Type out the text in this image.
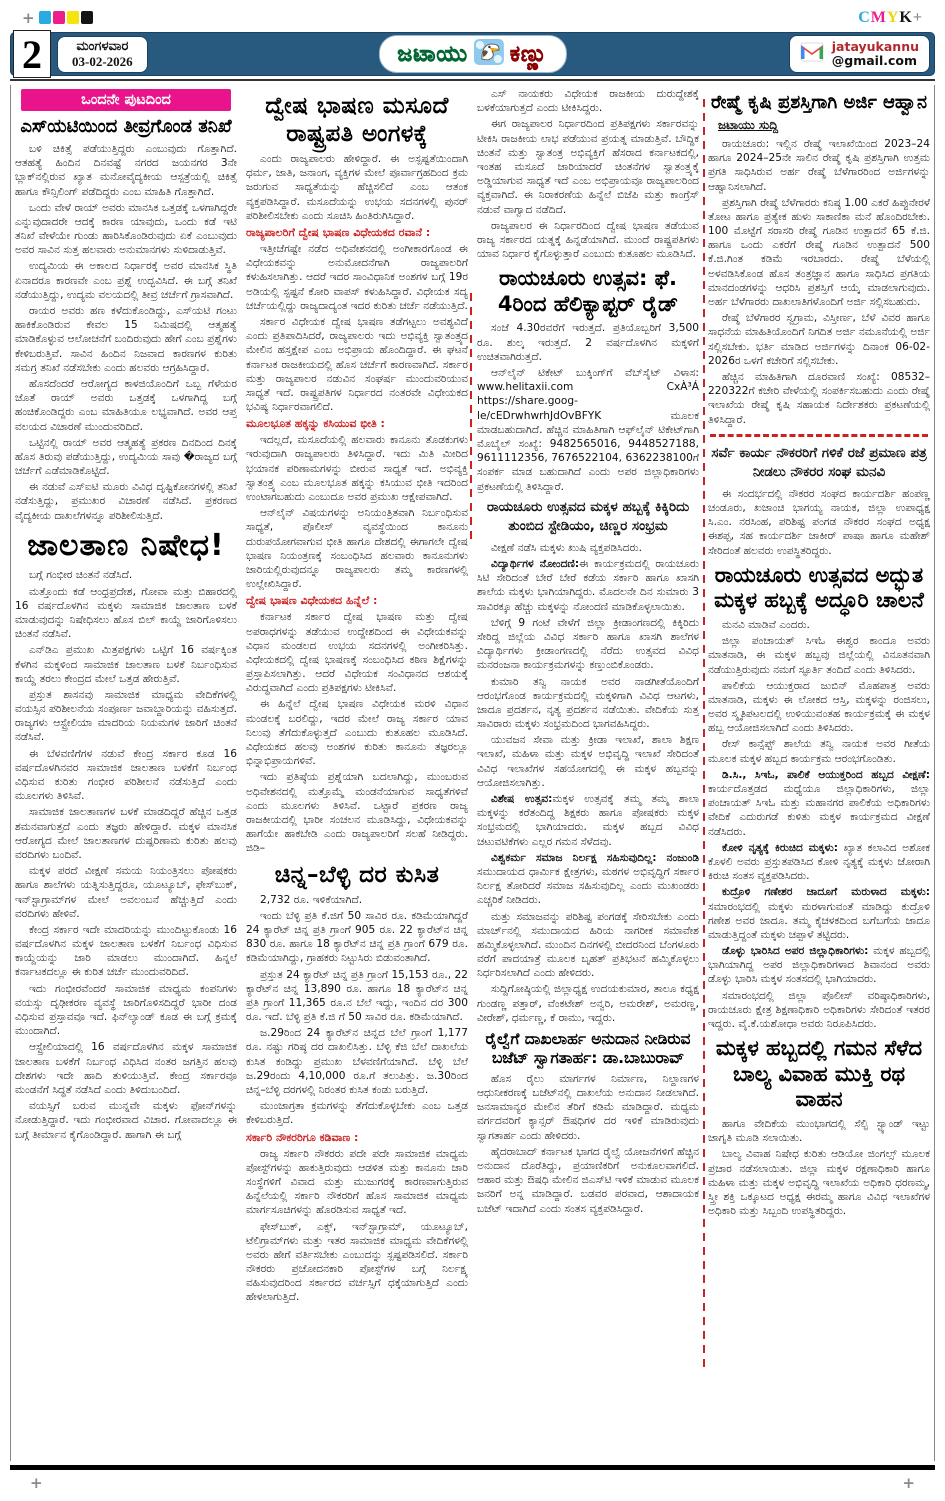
+	CMYK+
2	ಮಂಗಳವಾರ
03-02-2026	ಜಟಾಯು ಕಣ್ಣು	jatayukannu
@gmail.com
ಒಂದನೇ ಪುಟದಿಂದ
ಎಸ್‌ಯಟಿಯಿಂದ ತೀವ್ರಗೊಂಡ ತನಿಖೆ

ಬಳಿ ಚಿಕಿತ್ಸೆ ಪಡೆಯುತ್ತಿದ್ದರು ಎಂಬುವುದು ಗೊತ್ತಾಗಿದೆ. ಆತಹತ್ಯೆ ಹಿಂದಿನ ದಿನವಷ್ಟೆ ನಗರದ ಜಯನಗರ 3ನೇ ಬ್ಲಾಕ್‌ನಲ್ಲಿರುವ ಖ್ಯಾತ ಮನೋವೈದ್ಯಕೀಯ ಆಸ್ಪತ್ರೆಯಲ್ಲಿ ಚಿಕಿತ್ಸೆ ಹಾಗೂ ಕೌನ್ಸಿಲಿಂಗ್ ಪಡೆದಿದ್ದರು ಎಂಬ ಮಾಹಿತಿ ಗೊತ್ತಾಗಿದೆ.

ಒಂದು ವೇಳೆ ರಾಯ್ ಅವರು ಮಾನಸಿಕ ಒತ್ತಡಕ್ಕೆ ಒಳಗಾಗಿದ್ದರೇ ಎನ್ನುವುದಾದರೇ ಆದಕ್ಕೆ ಕಾರಣ ಯಾವುದು, ಒಂದು ಕಡೆ ಇಟಿ ತನಿಖೆ ವೇಳೆಯೇ ಗುಂಡು ಹಾರಿಸಿಕೊಂಡಿರುವುದು ಏಕೆ ಎಂಬುವುದು ಅವರ ಸಾವಿನ ಸುತ್ತ ಹಲವಾರು ಅನುಮಾನಗಳು ಸುಳಿದಾಡುತ್ತಿವೆ.

ಉದ್ಯಮಿಯ ಈ ಅಕಾಲದ ನಿರ್ಧಾರಕ್ಕೆ ಅವರ ಮಾನಸಿಕ ಸ್ಥಿತಿ ಏನಾದರೂ ಕಾರಣವೇ ಎಂಬ ಪ್ರಶ್ನೆ ಉದ್ಭವಿಸಿದೆ. ಈ ಬಗ್ಗೆ ತನಿಖೆ ನಡೆಯುತ್ತಿದ್ದು, ಉದ್ಯಮ ವಲಯದಲ್ಲಿ ತೀವ್ರ ಚರ್ಚೆಗೆ ಗ್ರಾಸವಾಗಿದೆ.

ರಾಯರ ಅವರು ಹಣ ಕಳೆದುಕೊಂಡಿದ್ದು, ಎಸ್‌ಯಟಿ ಗಂಟು ಹಾಕಿಕೊಂಡಿರುವ ಕೇವಲ 15 ನಿಮಿಷದಲ್ಲಿ ಆತ್ಮಹತ್ಯೆ ಮಾಡಿಕೊಳ್ಳುವ ಆಲೋಚನೆಗೆ ಬಂದಿರುವುದು ಹೇಗೆ ಎಂಬ ಪ್ರಶ್ನೆಗಳು ಕೇಳಿಬರುತ್ತಿವೆ. ಸಾವಿನ ಹಿಂದಿನ ನಿಜವಾದ ಕಾರಣಗಳ ಕುರಿತು ಸಮಗ್ರ ತನಿಖೆ ನಡೆಸಬೇಕು ಎಂದು ಹಲವರು ಆಗ್ರಹಿಸಿದ್ದಾರೆ.

ಹೊಸದೆಂದರೆ ಆರೋಗ್ಯದ ಕಾಳಜಿಯೊಂದಿಗೆ ಒಬ್ಬ ಗೆಳೆಯರ ಜೊತೆ ರಾಯ್ ಅವರು ಒತ್ತಡಕ್ಕೆ ಒಳಗಾಗಿದ್ದ ಬಗ್ಗೆ ಹಂಚಿಕೊಂಡಿದ್ದರು ಎಂಬ ಮಾಹಿತಿಯೂ ಲಭ್ಯವಾಗಿದೆ. ಅವರ ಆಪ್ತ ವಲಯದ ವಿಚಾರಣೆ ಮುಂದುವರಿದಿದೆ.

ಒಟ್ಟಿನಲ್ಲಿ ರಾಯ್ ಅವರ ಆತ್ಮಹತ್ಯೆ ಪ್ರಕರಣ ದಿನದಿಂದ ದಿನಕ್ಕೆ ಹೊಸ ತಿರುವು ಪಡೆಯುತ್ತಿದ್ದು, ಉದ್ಯಮಿಯ ಸಾವು �ರಾಜ್ಯದ ಬಗ್ಗೆ ಚರ್ಚೆಗೆ ಎಡೆಮಾಡಿಕೊಟ್ಟಿದೆ.

ಈ ನಡುವೆ ಎಸ್‌ಐಟಿ ಮೂರು ವಿವಿಧ ದೃಷ್ಟಿಕೋನಗಳಲ್ಲಿ ತನಿಖೆ ನಡೆಸುತ್ತಿದ್ದು, ಪ್ರಮುಖರ ವಿಚಾರಣೆ ನಡೆಸಿದೆ. ಪ್ರಕರಣದ ವೈದ್ಯಕೀಯ ದಾಖಲೆಗಳನ್ನೂ ಪರಿಶೀಲಿಸುತ್ತಿದೆ.

ಜಾಲತಾಣ ನಿಷೇಧ!

ಬಗ್ಗೆ ಗಂಭೀರ ಚಿಂತನೆ ನಡೆಸಿದೆ.

ಮತ್ತೊಂದು ಕಡೆ ಆಂಧ್ರಪ್ರದೇಶ, ಗೋವಾ ಮತ್ತು ಬಿಹಾರದಲ್ಲಿ 16 ವರ್ಷದೊಳಗಿನ ಮಕ್ಕಳು ಸಾಮಾಜಿಕ ಜಾಲತಾಣ ಬಳಕೆ ಮಾಡುವುದನ್ನು ನಿಷೇಧಿಸಲು ಹೊಸ ಬಿಲ್ ಕಾಯ್ದೆ ಜಾರಿಗೊಳಿಸಲು ಚಿಂತನೆ ನಡೆಸಿವೆ.

ಎನ್‌ಡಿಎ ಪ್ರಮುಖ ಮಿತ್ರಪಕ್ಷಗಳು ಒಟ್ಟಿಗೆ 16 ವರ್ಷಕ್ಕಿಂತ ಕೆಳಗಿನ ಮಕ್ಕಳಿಂದ ಸಾಮಾಜಿಕ ಜಾಲತಾಣ ಬಳಕೆ ನಿರ್ಬಂಧಿಸುವ ಕಾಯ್ದೆ ತರಲು ಕೇಂದ್ರದ ಮೇಲೆ ಒತ್ತಡ ಹೇರುತ್ತಿವೆ.

ಪ್ರಸ್ತುತ ಶಾಸನವು ಸಾಮಾಜಿಕ ಮಾಧ್ಯಮ ವೇದಿಕೆಗಳಲ್ಲಿ ವಯಸ್ಸಿನ ಪರಿಶೀಲನೆಯ ಸಂಪೂರ್ಣ ಜವಾಬ್ದಾರಿಯನ್ನು ವಹಿಸುತ್ತದೆ. ರಾಜ್ಯಗಳು ಆಸ್ಟ್ರೇಲಿಯಾ ಮಾದರಿಯ ನಿಯಮಗಳ ಜಾರಿಗೆ ಚಿಂತನೆ ನಡೆಸಿವೆ.

ಈ ಬೆಳವಣಿಗೆಗಳ ನಡುವೆ ಕೇಂದ್ರ ಸರ್ಕಾರ ಕೂಡ 16 ವರ್ಷದೊಳಗಿನವರ ಸಾಮಾಜಿಕ ಜಾಲತಾಣ ಬಳಕೆಗೆ ನಿರ್ಬಂಧ ವಿಧಿಸುವ ಕುರಿತು ಗಂಭೀರ ಪರಿಶೀಲನೆ ನಡೆಸುತ್ತಿದೆ ಎಂದು ಮೂಲಗಳು ತಿಳಿಸಿವೆ.

ಸಾಮಾಜಿಕ ಜಾಲತಾಣಗಳ ಬಳಕೆ ಮಾಡದಿದ್ದರೆ ಹೆಚ್ಚಿನ ಒತ್ತಡ ಶಮನವಾಗುತ್ತದೆ ಎಂದು ತಜ್ಞರು ಹೇಳಿದ್ದಾರೆ. ಮಕ್ಕಳ ಮಾನಸಿಕ ಆರೋಗ್ಯದ ಮೇಲೆ ಜಾಲತಾಣಗಳ ದುಷ್ಪರಿಣಾಮ ಕುರಿತು ಹಲವು ವರದಿಗಳು ಬಂದಿವೆ.

ಮಕ್ಕಳ ಪರದೆ ವೀಕ್ಷಣೆ ಸಮಯ ನಿಯಂತ್ರಿಸಲು ಪೋಷಕರು ಹಾಗೂ ಶಾಲೆಗಳು ಯತ್ನಿಸುತ್ತಿದ್ದರೂ, ಯೂಟ್ಯೂಬ್, ಫೇಸ್‌ಬುಕ್, ಇನ್‌ಸ್ಟಾಗ್ರಾಮ್‌ಗಳ ಮೇಲೆ ಅವಲಂಬನೆ ಹೆಚ್ಚುತ್ತಿದೆ ಎಂದು ವರದಿಗಳು ಹೇಳಿವೆ.

ಕೇಂದ್ರ ಸರ್ಕಾರ ಇದೇ ಮಾದರಿಯನ್ನು ಮುಂದಿಟ್ಟುಕೊಂಡು 16 ವರ್ಷದೊಳಗಿನ ಮಕ್ಕಳ ಜಾಲತಾಣ ಬಳಕೆಗೆ ನಿರ್ಬಂಧ ವಿಧಿಸುವ ಕಾಯ್ದೆಯನ್ನು ಜಾರಿ ಮಾಡಲು ಮುಂದಾಗಿದೆ. ಹಿನ್ನಲೆ ಕರ್ನಾಟಕದಲ್ಲೂ ಈ ಕುರಿತ ಚರ್ಚೆ ಮುಂದುವರಿದಿದೆ.

ಇದು ಗಂಭೀರವೆಂದರೆ ಸಾಮಾಜಿಕ ಮಾಧ್ಯಮ ಕಂಪನಿಗಳು ವಯಸ್ಸು ದೃಢೀಕರಣ ವ್ಯವಸ್ಥೆ ಜಾರಿಗೊಳಿಸದಿದ್ದರೆ ಭಾರೀ ದಂಡ ವಿಧಿಸುವ ಪ್ರಸ್ತಾವವೂ ಇದೆ. ಫಿನ್‌ಲ್ಯಾಂಡ್ ಕೂಡ ಈ ಬಗ್ಗೆ ಕ್ರಮಕ್ಕೆ ಮುಂದಾಗಿದೆ.

ಆಸ್ಟ್ರೇಲಿಯಾದಲ್ಲಿ 16 ವರ್ಷದೊಳಗಿನ ಮಕ್ಕಳ ಸಾಮಾಜಿಕ ಜಾಲತಾಣ ಬಳಕೆಗೆ ನಿರ್ಬಂಧ ವಿಧಿಸಿದ ನಂತರ ಜಗತ್ತಿನ ಹಲವು ದೇಶಗಳು ಇದೇ ಹಾದಿ ತುಳಿಯುತ್ತಿವೆ. ಕೇಂದ್ರ ಸರ್ಕಾರವೂ ಮಂಡನೆಗೆ ಸಿದ್ಧತೆ ನಡೆಸಿದೆ ಎಂದು ತಿಳಿದುಬಂದಿದೆ.

ವಯಸ್ಸಿಗೆ ಬರುವ ಮುನ್ನವೇ ಮಕ್ಕಳು ಫೋನ್‌ಗಳನ್ನು ನೋಡುತ್ತಿದ್ದಾರೆ. ಇದು ಗಂಭೀರವಾದ ವಿಚಾರ. ಗೋವಾದಲ್ಲೂ ಈ ಬಗ್ಗೆ ತೀರ್ಮಾನ ಕೈಗೊಂಡಿದ್ದಾರೆ. ಹಾಗಾಗಿ ಈ ಬಗ್ಗೆ

ದ್ವೇಷ ಭಾಷಣ ಮಸೂದೆ ರಾಷ್ಟ್ರಪತಿ ಅಂಗಳಕ್ಕೆ

ಎಂದು ರಾಜ್ಯಪಾಲರು ಹೇಳಿದ್ದಾರೆ. ಈ ಅಸ್ಪಷ್ಟತೆಯಿಂದಾಗಿ ಧರ್ಮ, ಜಾತಿ, ಜನಾಂಗ, ವ್ಯಕ್ತಿಗಳ ಮೇಲೆ ಪೂರ್ವಾಗ್ರಹದಿಂದ ಕ್ರಮ ಜರುಗುವ ಸಾಧ್ಯತೆಯನ್ನು ಹೆಚ್ಚಿಸಲಿದೆ ಎಂಬ ಆತಂಕ ವ್ಯಕ್ತಪಡಿಸಿದ್ದಾರೆ. ಮಸೂದೆಯನ್ನು ಉಭಯ ಸದನಗಳಲ್ಲಿ ಪುನರ್ ಪರಿಶೀಲಿಸಬೇಕು ಎಂದು ಸೂಚಿಸಿ ಹಿಂತಿರುಗಿಸಿದ್ದಾರೆ.

ರಾಜ್ಯಪಾಲರಿಗೆ ದ್ವೇಷ ಭಾಷಣ ವಿಧೇಯಕದ ರವಾನೆ :

ಇತ್ತೀಚೆಗಷ್ಟೇ ನಡೆದ ಅಧಿವೇಶನದಲ್ಲಿ ಅಂಗೀಕಾರಗೊಂಡ ಈ ವಿಧೇಯಕವನ್ನು ಅನುಮೋದನೆಗಾಗಿ ರಾಜ್ಯಪಾಲರಿಗೆ ಕಳುಹಿಸಲಾಗಿತ್ತು. ಆದರೆ ಇದರ ಸಾಂವಿಧಾನಿಕ ಅಂಶಗಳ ಬಗ್ಗೆ 19ರ ಅಡಿಯಲ್ಲಿ ಸ್ಪಷ್ಟನೆ ಕೋರಿ ವಾಪಸ್ ಕಳುಹಿಸಿದ್ದಾರೆ. ವಿಧೇಯಕ ಸದ್ಯ ಚರ್ಚೆಯಲ್ಲಿದ್ದು ರಾಜ್ಯದಾದ್ಯಂತ ಇದರ ಕುರಿತು ಚರ್ಚೆ ನಡೆಯುತ್ತಿದೆ.

ಸರ್ಕಾರ ವಿಧೇಯಕ ದ್ವೇಷ ಭಾಷಣ ತಡೆಗಟ್ಟಲು ಅವಶ್ಯವಿದೆ ಎಂದು ಪ್ರತಿಪಾದಿಸಿದರೆ, ರಾಜ್ಯಪಾಲರು ಇದು ಅಭಿವ್ಯಕ್ತಿ ಸ್ವಾತಂತ್ರ್ಯದ ಮೇಲಿನ ಹಸ್ತಕ್ಷೇಪ ಎಂಬ ಅಭಿಪ್ರಾಯ ಹೊಂದಿದ್ದಾರೆ. ಈ ಘಟನೆ ಕರ್ನಾಟಕ ರಾಜಕೀಯದಲ್ಲಿ ಹೊಸ ಚರ್ಚೆಗೆ ಕಾರಣವಾಗಿದೆ. ಸರ್ಕಾರ ಮತ್ತು ರಾಜ್ಯಪಾಲರ ನಡುವಿನ ಸಂಘರ್ಷ ಮುಂದುವರಿಯುವ ಸಾಧ್ಯತೆ ಇದೆ. ರಾಷ್ಟ್ರಪತಿಗಳ ನಿರ್ಧಾರದ ನಂತರವೇ ವಿಧೇಯಕದ ಭವಿಷ್ಯ ನಿರ್ಧಾರವಾಗಲಿದೆ.

ಮೂಲಭೂತ ಹಕ್ಕನ್ನು ಕಸಿಯುವ ಭೀತಿ :

ಇದಲ್ಲದೆ, ಮಸೂದೆಯಲ್ಲಿ ಹಲವಾರು ಕಾನೂನು ತೊಡಕುಗಳು ಇರುವುದಾಗಿ ರಾಜ್ಯಪಾಲರು ತಿಳಿಸಿದ್ದಾರೆ. ಇದು ಮಿತಿ ಮೀರಿದ ಭಯಾನಕ ಪರಿಣಾಮಗಳನ್ನು ಬೀರುವ ಸಾಧ್ಯತೆ ಇದೆ. ಅಭಿವ್ಯಕ್ತಿ ಸ್ವಾತಂತ್ರ್ಯ ಎಂಬ ಮೂಲಭೂತ ಹಕ್ಕನ್ನು ಕಸಿಯುವ ಭೀತಿ ಇದರಿಂದ ಉಂಟಾಗಬಹುದು ಎಂಬುದೂ ಅವರ ಪ್ರಮುಖ ಆಕ್ಷೇಪವಾಗಿದೆ.

ಆನ್‌ಲೈನ್ ವಿಷಯಗಳನ್ನು ಅನಿಯಂತ್ರಿತವಾಗಿ ನಿರ್ಬಂಧಿಸುವ ಸಾಧ್ಯತೆ, ಪೊಲೀಸ್ ವ್ಯವಸ್ಥೆಯಿಂದ ಕಾನೂನು ದುರುಪಯೋಗವಾಗುವ ಭೀತಿ ಹಾಗೂ ದೇಶದಲ್ಲಿ ಈಗಾಗಲೇ ದ್ವೇಷ ಭಾಷಣ ನಿಯಂತ್ರಣಕ್ಕೆ ಸಂಬಂಧಿಸಿದ ಹಲವಾರು ಕಾನೂನುಗಳು ಜಾರಿಯಲ್ಲಿರುವುದನ್ನೂ ರಾಜ್ಯಪಾಲರು ತಮ್ಮ ಕಾರಣಗಳಲ್ಲಿ ಉಲ್ಲೇಖಿಸಿದ್ದಾರೆ.

ದ್ವೇಷ ಭಾಷಣ ವಿಧೇಯಕದ ಹಿನ್ನೆಲೆ :

ಕರ್ನಾಟಕ ಸರ್ಕಾರ ದ್ವೇಷ ಭಾಷಣ ಮತ್ತು ದ್ವೇಷ ಅಪರಾಧಗಳನ್ನು ತಡೆಯುವ ಉದ್ದೇಶದಿಂದ ಈ ವಿಧೇಯಕವನ್ನು ವಿಧಾನ ಮಂಡಲದ ಉಭಯ ಸದನಗಳಲ್ಲಿ ಅಂಗೀಕರಿಸಿತ್ತು. ವಿಧೇಯಕದಲ್ಲಿ ದ್ವೇಷ ಭಾಷಣಕ್ಕೆ ಸಂಬಂಧಿಸಿದ ಕಠಿಣ ಶಿಕ್ಷೆಗಳನ್ನು ಪ್ರಸ್ತಾಪಿಸಲಾಗಿತ್ತು. ಆದರೆ ವಿಧೇಯಕ ಸಂವಿಧಾನದ ಆಶಯಕ್ಕೆ ವಿರುದ್ಧವಾಗಿದೆ ಎಂದು ಪ್ರತಿಪಕ್ಷಗಳು ಟೀಕಿಸಿವೆ.

ಈ ಹಿನ್ನೆಲೆ ದ್ವೇಷ ಭಾಷಣ ವಿಧೇಯಕ ಮರಳಿ ವಿಧಾನ ಮಂಡಲಕ್ಕೆ ಬರಲಿದ್ದು, ಇದರ ಮೇಲೆ ರಾಜ್ಯ ಸರ್ಕಾರ ಯಾವ ನಿಲುವು ತೆಗೆದುಕೊಳ್ಳುತ್ತದೆ ಎಂಬುದು ಕುತೂಹಲ ಮೂಡಿಸಿದೆ. ವಿಧೇಯಕದ ಹಲವು ಅಂಶಗಳ ಕುರಿತು ಕಾನೂನು ತಜ್ಞರಲ್ಲೂ ಭಿನ್ನಾಭಿಪ್ರಾಯಗಳಿವೆ.

ಇದು ಪ್ರತಿಷ್ಠೆಯ ಪ್ರಶ್ನೆಯಾಗಿ ಬದಲಾಗಿದ್ದು, ಮುಂಬರುವ ಅಧಿವೇಶನದಲ್ಲಿ ಮತ್ತೊಮ್ಮೆ ಮಂಡನೆಯಾಗುವ ಸಾಧ್ಯತೆಗಳಿವೆ ಎಂದು ಮೂಲಗಳು ತಿಳಿಸಿವೆ. ಒಟ್ಟಾರೆ ಪ್ರಕರಣ ರಾಜ್ಯ ರಾಜಕೀಯದಲ್ಲಿ ಭಾರೀ ಸಂಚಲನ ಮೂಡಿಸಿದ್ದು, ವಿಧೇಯಕವನ್ನು ಹಾಗೆಯೇ ಹಾಕಬೇಡಿ ಎಂದು ರಾಜ್ಯಪಾಲರಿಗೆ ಸಲಹೆ ನೀಡಿದ್ದರು. ಜಿಡಿ–

ಚಿನ್ನ–ಬೆಳ್ಳಿ ದರ ಕುಸಿತ

2,732 ರೂ. ಇಳಿಕೆಯಾಗಿದೆ.

ಇಂದು ಬೆಳ್ಳಿ ಪ್ರತಿ ಕೆ.ಜಿಗೆ 50 ಸಾವಿರ ರೂ. ಕಡಿಮೆಯಾಗಿದ್ದರೆ 24 ಕ್ಯಾರೆಟ್ ಚಿನ್ನ ಪ್ರತಿ ಗ್ರಾಂಗೆ 905 ರೂ. 22 ಕ್ಯಾರೆಟ್‌ನ ಚಿನ್ನ 830 ರೂ. ಹಾಗೂ 18 ಕ್ಯಾರೆಟ್‌ನ ಚಿನ್ನ ಪ್ರತಿ ಗ್ರಾಂಗೆ 679 ರೂ. ಕಡಿಮೆಯಾಗಿದ್ದು, ಗ್ರಾಹಕರು ನಿಟ್ಟುಸಿರು ಬಿಡುವಂತಾಗಿದೆ.

ಪ್ರಸ್ತುತ 24 ಕ್ಯಾರೆಟ್ ಚಿನ್ನ ಪ್ರತಿ ಗ್ರಾಂಗೆ 15,153 ರೂ., 22 ಕ್ಯಾರೆಟ್‌ನ ಚಿನ್ನ 13,890 ರೂ. ಹಾಗೂ 18 ಕ್ಯಾರೆಟ್‌ನ ಚಿನ್ನ ಪ್ರತಿ ಗ್ರಾಂಗೆ 11,365 ರೂ.ನ ಬೆಲೆ ಇದ್ದು, ಇಂದಿನ ದರ 300 ರೂ. ಇದೆ. ಬೆಳ್ಳಿ ಪ್ರತಿ ಕೆ.ಜಿ ಗೆ 50 ಸಾವಿರ ರೂ. ಕಡಿಮೆಯಾಗಿದೆ.

ಜ.29ರಿಂದ 24 ಕ್ಯಾರೆಟ್‌ನ ಚಿನ್ನದ ಬೆಲೆ ಗ್ರಾಂಗೆ 1,177 ರೂ. ನಷ್ಟು ಗರಿಷ್ಠ ದರ ದಾಖಲಿಸಿತ್ತು. ಬೆಳ್ಳಿ ಕೆಜಿ ಬೆಲೆ ದಾಖಲೆಯ ಕುಸಿತ ಕಂಡಿದ್ದು ಪ್ರಮುಖ ಬೆಳವಣಿಗೆಯಾಗಿದೆ. ಬೆಳ್ಳಿ ಬೆಲೆ ಜ.29ರಂದು 4,10,000 ರೂ.ಗೆ ತಲುಪಿತ್ತು. ಜ.30ರಿಂದ ಚಿನ್ನ–ಬೆಳ್ಳಿ ದರಗಳಲ್ಲಿ ನಿರಂತರ ಕುಸಿತ ಕಂಡು ಬರುತ್ತಿದೆ.

ಮುಂಜಾಗ್ರತಾ ಕ್ರಮಗಳನ್ನು ತೆಗೆದುಕೊಳ್ಳಬೇಕು ಎಂಬ ಒತ್ತಡ ಕೇಳಿಬರುತ್ತಿದೆ.

ಸರ್ಕಾರಿ ನೌಕರರಿಗೂ ಕಡಿವಾಣ :

ರಾಜ್ಯ ಸರ್ಕಾರಿ ನೌಕರರು ಪದೇ ಪದೇ ಸಾಮಾಜಿಕ ಮಾಧ್ಯಮ ಪೋಸ್ಟ್‌ಗಳನ್ನು ಹಾಕುತ್ತಿರುವುದು ಆಡಳಿತ ಮತ್ತು ಕಾನೂನು ಜಾರಿ ಸಂಸ್ಥೆಗಳಿಗೆ ವಿವಾದ ಮತ್ತು ಮುಜುಗರಕ್ಕೆ ಕಾರಣವಾಗುತ್ತಿರುವ ಹಿನ್ನೆಲೆಯಲ್ಲಿ ಸರ್ಕಾರಿ ನೌಕರರಿಗೆ ಹೊಸ ಸಾಮಾಜಿಕ ಮಾಧ್ಯಮ ಮಾರ್ಗಸೂಚಿಗಳನ್ನು ಹೊರಡಿಸುವ ಸಾಧ್ಯತೆ ಇದೆ.

ಫೇಸ್‌ಬುಕ್, ಎಕ್ಸ್, ಇನ್‌ಸ್ಟಾಗ್ರಾಮ್, ಯೂಟ್ಯೂಬ್, ಟೆಲಿಗ್ರಾಮ್‌ಗಳು ಮತ್ತು ಇತರ ಸಾಮಾಜಿಕ ಮಾಧ್ಯಮ ವೇದಿಕೆಗಳಲ್ಲಿ ಅವರು ಹೇಗೆ ವರ್ತಿಸಬೇಕು ಎಂಬುದನ್ನು ಸ್ಪಷ್ಟಪಡಿಸಲಿದೆ. ಸರ್ಕಾರಿ ನೌಕರರು ಪ್ರಚೋದನಕಾರಿ ಪೋಸ್ಟ್‌ಗಳ ಬಗ್ಗೆ ನಿರ್ಲಕ್ಷ್ಯ ವಹಿಸುವುದರಿಂದ ಸರ್ಕಾರದ ವರ್ಚಸ್ಸಿಗೆ ಧಕ್ಕೆಯಾಗುತ್ತಿದೆ ಎಂದು ಹೇಳಲಾಗುತ್ತಿದೆ.

ಎಸ್ ನಾಯಕರು ವಿಧೇಯಕ ರಾಜಕೀಯ ದುರುದ್ದೇಶಕ್ಕೆ ಬಳಕೆಯಾಗುತ್ತದೆ ಎಂದು ಟೀಕಿಸಿದ್ದರು.

ಈಗ ರಾಜ್ಯಪಾಲರ ನಿರ್ಧಾರದಿಂದ ಪ್ರತಿಪಕ್ಷಗಳು ಸರ್ಕಾರವನ್ನು ಟೀಕಿಸಿ ರಾಜಕೀಯ ಲಾಭ ಪಡೆಯುವ ಪ್ರಯತ್ನ ಮಾಡುತ್ತಿವೆ. ಬೌದ್ಧಿಕ ಚಿಂತನೆ ಮತ್ತು ಸ್ವಾತಂತ್ರ ಅಭಿವ್ಯಕ್ತಿಗೆ ಹೆಸರಾದ ಕರ್ನಾಟಕದಲ್ಲಿ, ಇಂತಹ ಮಸೂದೆ ಜಾರಿಯಾದರೆ ಚಿಂತನೆಗಳ ಸ್ವಾತಂತ್ರ್ಯಕ್ಕೆ ಅಡ್ಡಿಯಾಗುವ ಸಾಧ್ಯತೆ ಇದೆ ಎಂಬ ಅಭಿಪ್ರಾಯವೂ ರಾಜ್ಯಪಾಲರಿಂದ ವ್ಯಕ್ತವಾಗಿದೆ. ಈ ನಿರಾಕರಣೆಯ ಹಿನ್ನೆಲೆ ಬಿಜೆಪಿ ಮತ್ತು ಕಾಂಗ್ರೆಸ್ ನಡುವೆ ವಾಗ್ವಾದ ನಡೆದಿದೆ.

ರಾಜ್ಯಪಾಲರ ಈ ನಿರ್ಧಾರದಿಂದ ದ್ವೇಷ ಭಾಷಣ ತಡೆಯುವ ರಾಜ್ಯ ಸರ್ಕಾರದ ಯತ್ನಕ್ಕೆ ಹಿನ್ನಡೆಯಾಗಿದೆ. ಮುಂದೆ ರಾಷ್ಟ್ರಪತಿಗಳು ಯಾವ ನಿರ್ಧಾರ ಕೈಗೊಳ್ಳುತ್ತಾರೆ ಎಂಬುದು ಕುತೂಹಲ ಮೂಡಿಸಿದೆ.

ರಾಯಚೂರು ಉತ್ಸವ: ಫೆ. 4ರಿಂದ ಹೆಲಿಕ್ಯಾಪ್ಟರ್ ರೈಡ್

ಸಂಜೆ 4.30ರವರೆಗೆ ಇರುತ್ತದೆ. ಪ್ರತಿಯೊಬ್ಬರಿಗೆ 3,500 ರೂ. ಶುಲ್ಕ ಇರುತ್ತದೆ. 2 ವರ್ಷದೊಳಗಿನ ಮಕ್ಕಳಿಗೆ ಉಚಿತವಾಗಿರುತ್ತದೆ.

ಆನ್‌ಲೈನ್ ಟಿಕೇಟ್ ಬುಕ್ಕಿಂಗ್‌ಗೆ ವೆಬ್‌ಸೈಟ್ ವಿಳಾಸ: www.helitaxii.com CxÀ³Á https://share.goog-le/cEDrwhwrhJdOvBFYK ಮೂಲಕ ಮಾಡಬಹುದಾಗಿದೆ. ಹೆಚ್ಚಿನ ಮಾಹಿತಿಗಾಗಿ ಆಫ್‌ಲೈನ್ ಟಿಕೇಟ್‌ಗಾಗಿ ಮೊಬೈಲ್ ಸಂಖ್ಯೆ: 9482565016, 9448527188, 9611112356, 7676522104, 6362238100ಗೆ ಸಂಪರ್ಕ ಮಾಡ ಬಹುದಾಗಿದೆ ಎಂದು ಅಪರ ಜಿಲ್ಲಾಧಿಕಾರಿಗಳು ಪ್ರಕಟಣೆಯಲ್ಲಿ ತಿಳಿಸಿದ್ದಾರೆ.

ರಾಯಚೂರು ಉತ್ಸವದ ಮಕ್ಕಳ ಹಬ್ಬಕ್ಕೆ ಕಿಕ್ಕಿರಿದು ತುಂಬಿದ ಸ್ಟೇಡಿಯಂ, ಚಿಣ್ಣರ ಸಂಭ್ರಮ

ವೀಕ್ಷಣೆ ನಡೆಸಿ ಮಕ್ಕಳು ಖುಷಿ ವ್ಯಕ್ತಪಡಿಸಿದರು.

ವಿದ್ಯಾರ್ಥಿಗಳ ನೋಂದಣಿ:ಈ ಕಾರ್ಯಕ್ರಮದಲ್ಲಿ ರಾಯಚೂರು ಸಿಟಿ ಸೇರಿದಂತೆ ಬೇರೆ ಬೇರೆ ಕಡೆಯ ಸರ್ಕಾರಿ ಹಾಗೂ ಖಾಸಗಿ ಶಾಲೆಯ ಮಕ್ಕಳು ಭಾಗಿಯಾಗಿದ್ದರು. ಮೊದಲನೇ ದಿನ ಸುಮಾರು 3 ಸಾವಿರಕ್ಕೂ ಹೆಚ್ಚು ಮಕ್ಕಳನ್ನು ನೋಂದಣಿ ಮಾಡಿಕೊಳ್ಳಲಾಯಿತು.

ಬೆಳಿಗ್ಗೆ 9 ಗಂಟೆ ವೇಳೆಗೆ ಜಿಲ್ಲಾ ಕ್ರೀಡಾಂಗಣದಲ್ಲಿ ಕಿಕ್ಕಿರಿದು ಸೇರಿದ್ದ ಜಿಲ್ಲೆಯ ವಿವಿಧ ಸರ್ಕಾರಿ ಹಾಗೂ ಖಾಸಗಿ ಶಾಲೆಗಳ ವಿದ್ಯಾರ್ಥಿಗಳು ಕ್ರೀಡಾಂಗಣದಲ್ಲಿ ನೆರೆದು ಉತ್ಸವದ ವಿವಿಧ ಮನರಂಜನಾ ಕಾರ್ಯಕ್ರಮಗಳನ್ನು ಕಣ್ತುಂಬಿಕೊಂಡರು.

ಕುಮಾರಿ ತನ್ವಿ ನಾಯಕ ಅವರ ನಾಡಗೀತೆಯೊಂದಿಗೆ ಆರಂಭಗೊಂಡ ಕಾರ್ಯಕ್ರಮದಲ್ಲಿ ಮಕ್ಕಳಿಗಾಗಿ ವಿವಿಧ ಆಟಗಳು, ಜಾದೂ ಪ್ರದರ್ಶನ, ನೃತ್ಯ ಪ್ರದರ್ಶನ ನಡೆಯಿತು. ವೇದಿಕೆಯ ಸುತ್ತ ಸಾವಿರಾರು ಮಕ್ಕಳು ಸಂಭ್ರಮದಿಂದ ಭಾಗವಹಿಸಿದ್ದರು.

ಯುವಜನ ಸೇವಾ ಮತ್ತು ಕ್ರೀಡಾ ಇಲಾಖೆ, ಶಾಲಾ ಶಿಕ್ಷಣ ಇಲಾಖೆ, ಮಹಿಳಾ ಮತ್ತು ಮಕ್ಕಳ ಅಭಿವೃದ್ಧಿ ಇಲಾಖೆ ಸೇರಿದಂತೆ ವಿವಿಧ ಇಲಾಖೆಗಳ ಸಹಯೋಗದಲ್ಲಿ ಈ ಮಕ್ಕಳ ಹಬ್ಬವನ್ನು ಆಯೋಜಿಸಲಾಗಿತ್ತು.

ವಿಶೇಷ ಉತ್ಸವ:ಮಕ್ಕಳ ಉತ್ಸವಕ್ಕೆ ತಮ್ಮ ತಮ್ಮ ಶಾಲಾ ಮಕ್ಕಳನ್ನು ಕರೆತಂದಿದ್ದ ಶಿಕ್ಷಕರು ಹಾಗೂ ಪೋಷಕರು ಮಕ್ಕಳ ಸಂಭ್ರಮದಲ್ಲಿ ಭಾಗಿಯಾದರು. ಮಕ್ಕಳ ಹಬ್ಬದ ವಿವಿಧ ಚಟುವಟಿಕೆಗಳು ಎಲ್ಲರ ಗಮನ ಸೆಳೆದವು.

ವಿಶ್ವಕರ್ಮ ಸಮಾಜ ನಿರ್ಲಕ್ಷ ಸಹಿಸುವುದಿಲ್ಲ: ನಂಜುಂಡಿ ಸಮುದಾಯದ ಧಾರ್ಮಿಕ ಕ್ಷೇತ್ರಗಳು, ಮಠಗಳ ಅಭಿವೃದ್ಧಿಗೆ ಸರ್ಕಾರ ನಿರ್ಲಕ್ಷ ತೋರಿದರೆ ಸಮಾಜ ಸಹಿಸುವುದಿಲ್ಲ ಎಂದು ಮುಖಂಡರು ಎಚ್ಚರಿಕೆ ನೀಡಿದರು.

ಮತ್ತು ಸಮಾಜವನ್ನು ಪರಿಶಿಷ್ಟ ಪಂಗಡಕ್ಕೆ ಸೇರಿಸಬೇಕು ಎಂದು ಮಾರ್ಚ್‌ನಲ್ಲಿ ಸಮುದಾಯದ ಹಿರಿಯ ನಾಗರೀಕ ಸಮಾವೇಶ ಹಮ್ಮಿಕೊಳ್ಳಲಾಗಿದೆ. ಮುಂದಿನ ದಿನಗಳಲ್ಲಿ ಬೀದರನಿಂದ ಬೆಂಗಳೂರು ವರೆಗೆ ಪಾದಯಾತ್ರೆ ಮೂಲಕ ಬೃಹತ್ ಪ್ರತಿಭಟನೆ ಹಮ್ಮಿಕೊಳ್ಳಲು ನಿರ್ಧರಿಸಲಾಗಿದೆ ಎಂದು ಹೇಳಿದರು.

ಸುದ್ದಿಗೋಷ್ಠಿಯಲ್ಲಿ ಜಿಲ್ಲಾಧ್ಯಕ್ಷ ಉದಯಕುಮಾರ, ತಾಲೂ ಕಧ್ಯಕ್ಷ ಗುಂಡಣ್ಣ ಪತ್ತಾರ್, ವೆಂಕಟೇಶ್ ಅನ್ವರಿ, ಅಮರೇಶ್, ಅಮರಣ್ಣ, ವೀರೇಶ್, ಧರ್ಮಣ್ಣ, ಕೆ ರಾಮು, ಇದ್ದರು.

ರೈಲ್ವೆಗೆ ದಾಖಲಾರ್ಹ ಅನುದಾನ ನೀಡಿರುವ ಬಜೆಟ್ ಸ್ವಾಗತಾರ್ಹ: ಡಾ.ಬಾಬುರಾವ್

ಹೊಸ ರೈಲು ಮಾರ್ಗಗಳ ನಿರ್ಮಾಣ, ನಿಲ್ದಾಣಗಳ ಆಧುನೀಕರಣಕ್ಕೆ ಬಜೆಟ್‌ನಲ್ಲಿ ದಾಖಲೆಯ ಅನುದಾನ ನೀಡಲಾಗಿದೆ. ಜನಸಾಮಾನ್ಯರ ಮೇಲಿನ ತೆರಿಗೆ ಕಡಿಮೆ ಮಾಡಿದ್ದಾರೆ. ಮಧ್ಯಮ ವರ್ಗದವರಿಗೆ ಕ್ಯಾನ್ಸರ್ ಔಷಧಿಗಳ ದರ ಇಳಿಕೆ ಮಾಡಿರುವುದು ಸ್ವಾಗತಾರ್ಹ ಎಂದು ಹೇಳಿದರು.

ಹೈದರಾಬಾದ್ ಕರ್ನಾಟಕ ಭಾಗದ ರೈಲ್ವೆ ಯೋಜನೆಗಳಿಗೆ ಹೆಚ್ಚಿನ ಅನುದಾನ ದೊರೆತಿದ್ದು, ಪ್ರಯಾಣಿಕರಿಗೆ ಅನುಕೂಲವಾಗಲಿದೆ. ಆಹಾರ ಮತ್ತು ಔಷಧಿ ಮೇಲಿನ ಜಿಎಸ್‌ಟಿ ಇಳಿಕೆ ಮಾಡುವ ಮೂಲಕ ಜನರಿಗೆ ಅನ್ನ ಮಾಡಿದ್ದಾರೆ. ಬಡವರ ಪರವಾದ, ಆಶಾದಾಯಕ ಬಜೆಟ್ ಇದಾಗಿದೆ ಎಂದು ಸಂತಸ ವ್ಯಕ್ತಪಡಿಸಿದ್ದಾರೆ.

ರೇಷ್ಮೆ ಕೃಷಿ ಪ್ರಶಸ್ತಿಗಾಗಿ ಅರ್ಜಿ ಆಹ್ವಾನ
ಜಟಾಯು ಸುದ್ದಿ

ರಾಯಚೂರು: ಇಲ್ಲಿನ ರೇಷ್ಮೆ ಇಲಾಖೆಯಿಂದ 2023–24 ಹಾಗೂ 2024–25ನೇ ಸಾಲಿನ ರೇಷ್ಮೆ ಕೃಷಿ ಪ್ರಶಸ್ತಿಗಾಗಿ ಉತ್ತಮ ಪ್ರಗತಿ ಸಾಧಿಸಿರುವ ಅರ್ಹ ರೇಷ್ಮೆ ಬೆಳೆಗಾರರಿಂದ ಅರ್ಜಿಗಳನ್ನು ಆಹ್ವಾನಿಸಲಾಗಿದೆ.

ಪ್ರಶಸ್ತಿಗಾಗಿ ರೇಷ್ಮೆ ಬೆಳೆಗಾರರು ಕನಿಷ್ಠ 1.00 ಎಕರೆ ಹಿಪ್ಪುನೇರಳೆ ತೋಟ ಹಾಗೂ ಪ್ರತ್ಯೇಕ ಹುಳು ಸಾಕಾಣಿಕಾ ಮನೆ ಹೊಂದಿರಬೇಕು. 100 ಮೊಟ್ಟೆಗೆ ಸರಾಸರಿ ರೇಷ್ಮೆ ಗೂಡಿನ ಉತ್ಪಾದನೆ 65 ಕೆ.ಜಿ. ಹಾಗೂ ಒಂದು ಎಕರೆಗೆ ರೇಷ್ಮೆ ಗೂಡಿನ ಉತ್ಪಾದನೆ 500 ಕೆ.ಜಿ.ಗಿಂತ ಕಡಿಮೆ ಇರಬಾರದು. ರೇಷ್ಮೆ ಬೆಳೆಯಲ್ಲಿ ಅಳವಡಿಸಿಕೊಂಡ ಹೊಸ ತಂತ್ರಜ್ಞಾನ ಹಾಗೂ ಸಾಧಿಸಿದ ಪ್ರಗತಿಯ ಮಾನದಂಡಗಳನ್ನು ಆಧರಿಸಿ ಪ್ರಶಸ್ತಿಗೆ ಆಯ್ಕೆ ಮಾಡಲಾಗುವುದು. ಅರ್ಹ ಬೆಳೆಗಾರರು ದಾಖಲಾತಿಗಳೊಂದಿಗೆ ಅರ್ಜಿ ಸಲ್ಲಿಸಬಹುದು.

ರೇಷ್ಮೆ ಬೆಳೆಗಾರರ ಸ್ವಗ್ರಾಮ, ವಿಸ್ತೀರ್ಣ, ಬೆಳೆ ವಿವರ ಹಾಗೂ ಸಾಧನೆಯ ಮಾಹಿತಿಯೊಂದಿಗೆ ನಿಗದಿತ ಅರ್ಜಿ ನಮೂನೆಯಲ್ಲಿ ಅರ್ಜಿ ಸಲ್ಲಿಸಬೇಕು. ಭರ್ತಿ ಮಾಡಿದ ಅರ್ಜಿಗಳನ್ನು ದಿನಾಂಕ 06-02-2026ರ ಒಳಗೆ ಕಚೇರಿಗೆ ಸಲ್ಲಿಸಬೇಕು.

ಹೆಚ್ಚಿನ ಮಾಹಿತಿಗಾಗಿ ದೂರವಾಣಿ ಸಂಖ್ಯೆ: 08532–220322ಗೆ ಕಚೇರಿ ವೇಳೆಯಲ್ಲಿ ಸಂಪರ್ಕಿಸಬಹುದು ಎಂದು ರೇಷ್ಮೆ ಇಲಾಖೆಯ ರೇಷ್ಮೆ ಕೃಷಿ ಸಹಾಯಕ ನಿರ್ದೇಶಕರು ಪ್ರಕಟಣೆಯಲ್ಲಿ ತಿಳಿಸಿದ್ದಾರೆ.

ಸರ್ವೆ ಕಾರ್ಯ ನೌಕರರಿಗೆ ಗಳಿಕೆ ರಜೆ ಪ್ರಮಾಣ ಪತ್ರ ನೀಡಲು ನೌಕರರ ಸಂಘ ಮನವಿ

ಈ ಸಂದರ್ಭದಲ್ಲಿ ನೌಕರರ ಸಂಘದ ಕಾರ್ಯದರ್ಶಿ ಹಂಪಣ್ಣ ಚಂಡೂರು, ಖಜಾಂಚಿ ಭಾಗಯ್ಯ ನಾಯಕ, ಜಿಲ್ಲಾ ಉಪಾಧ್ಯಕ್ಷ ಸಿ.ಎಂ. ನರಸಿಂಹ, ಪರಿಶಿಷ್ಟ ಪಂಗಡ ನೌಕರರ ಸಂಘದ ಅಧ್ಯಕ್ಷ ಈಶಪ್ಪ, ಸಹ ಕಾರ್ಯದರ್ಶಿ ಜಾಕೀರ್ ಪಾಷಾ ಹಾಗೂ ಮಹೇಶ್ ಸೇರಿದಂತೆ ಹಲವರು ಉಪಸ್ಥಿತರಿದ್ದರು.

ರಾಯಚೂರು ಉತ್ಸವದ ಅದ್ಭುತ ಮಕ್ಕಳ ಹಬ್ಬಕ್ಕೆ ಅದ್ಧೂರಿ ಚಾಲನೆ

ಮನವಿ ಮಾಡಿವೆ ಎಂದರು.

ಜಿಲ್ಲಾ ಪಂಚಾಯತ್ ಸಿಇಓ ಈಶ್ವರ ಕಾಂದೂ ಅವರು ಮಾತನಾಡಿ, ಈ ಮಕ್ಕಳ ಹಬ್ಬವು ಜಿಲ್ಲೆಯಲ್ಲಿ ವಿನೂತನವಾಗಿ ನಡೆಯುತ್ತಿರುವುದು ನಮಗೆ ಸ್ಫೂರ್ತಿ ತಂದಿದೆ ಎಂದು ತಿಳಿಸಿದರು.

ಪಾಲಿಕೆಯ ಆಯುಕ್ತರಾದ ಜುಬಿನ್ ಮೊಹಪಾತ್ರ ಅವರು ಮಾತನಾಡಿ, ಮಕ್ಕಳು ಈ ಲೋಕದ ಆಸ್ತಿ, ಮಕ್ಕಳನ್ನು ರಂಜಿಸಲು, ಅವರ ಸ್ಮೃತಿಪಟಲದಲ್ಲಿ ಉಳಿಯುವಂತಹ ಕಾರ್ಯಕ್ರಮಕ್ಕೆ ಈ ಮಕ್ಕಳ ಹಬ್ಬ ಆಯೋಜಿಸಲಾಗಿದೆ ಎಂದು ತಿಳಿಸಿದರು.

ರೇಸ್ ಕಾನ್ಸೆಪ್ಟ್ ಶಾಲೆಯ ತನ್ವಿ ನಾಯಕ ಅವರ ಗೀತೆಯ ಮೂಲಕ ಮಕ್ಕಳ ಹಬ್ಬದ ಕಾರ್ಯಕ್ರಮ ಆರಂಭಗೊಂಡಿತು.

ಡಿ.ಸಿ., ಸಿಇಓ, ಪಾಲಿಕೆ ಆಯುಕ್ತರಿಂದ ಹಬ್ಬದ ವೀಕ್ಷಣೆ: ಕಾರ್ಯದೊತ್ತಡದ ಮಧ್ಯೆಯೂ ಜಿಲ್ಲಾಧಿಕಾರಿಗಳು, ಜಿಲ್ಲಾ ಪಂಚಾಯತ್ ಸಿಇಓ ಮತ್ತು ಮಹಾನಗರ ಪಾಲಿಕೆಯ ಅಧಿಕಾರಿಗಳು ವೇದಿಕೆ ಎದುರುಗಡೆ ಕುಳಿತು ಮಕ್ಕಳ ಕಾರ್ಯಕ್ರಮದ ವೀಕ್ಷಣೆ ನಡೆಸಿದರು.

ಕೋಳಿ ನೃತ್ಯಕ್ಕೆ ಕಿರುಚಿದ ಮಕ್ಕಳು: ಖ್ಯಾತ ಕಲಾವಿದ ಅಶೋಕ ಕೊಳಲಿ ಅವರು ಪ್ರಸ್ತುತಪಡಿಸಿದ ಕೋಳಿ ನೃತ್ಯಕ್ಕೆ ಮಕ್ಕಳು ಜೋರಾಗಿ ಕಿರುಚಿ ಸಂತಸ ವ್ಯಕ್ತಪಡಿಸಿದರು.

ಕುದ್ರೊಳಿ ಗಣೇಶರ ಜಾದೂಗೆ ಮರುಳಾದ ಮಕ್ಕಳು: ಸಮಾರಂಭದಲ್ಲಿ ಮಕ್ಕಳು ಮರಳಾಗುವಂತೆ ಮಾಡಿದ್ದು ಕುದ್ರೊಳಿ ಗಣೇಶ ಅವರ ಜಾದೂ. ತಮ್ಮ ಕೈಚಳಕದಿಂದ ಬಗೆಬಗೆಯ ಜಾದೂ ಮಾಡುತ್ತಿದ್ದಂತೆ ಮಕ್ಕಳು ಚಪ್ಪಾಳೆ ತಟ್ಟಿದರು.

ಡೊಳ್ಳು ಭಾರಿಸಿದ ಅಪರ ಜಿಲ್ಲಾಧಿಕಾರಿಗಳು: ಮಕ್ಕಳ ಹಬ್ಬದಲ್ಲಿ ಭಾಗಿಯಾಗಿದ್ದ ಅಪರ ಜಿಲ್ಲಾಧಿಕಾರಿಗಳಾದ ಶಿವಾನಂದ ಅವರು ಡೊಳ್ಳು ಭಾರಿಸಿ ಮಕ್ಕಳ ಸಂತಸದಲ್ಲಿ ಭಾಗಿಯಾದರು.

ಸಮಾರಂಭದಲ್ಲಿ ಜಿಲ್ಲಾ ಪೊಲೀಸ್ ವರಿಷ್ಠಾಧಿಕಾರಿಗಳು, ರಾಯಚೂರು ಕ್ಷೇತ್ರ ಶಿಕ್ಷಣಾಧಿಕಾರಿ ಅಧಿಕಾರಿಗಳು ಸೇರಿದಂತೆ ಇತರರ ಇದ್ದರು. ವೈ.ಕೆ.ಯಶೋಧಾ ಅವರು ನಿರೂಪಿಸಿದರು.

ಮಕ್ಕಳ ಹಬ್ಬದಲ್ಲಿ ಗಮನ ಸೆಳೆದ ಬಾಲ್ಯ ವಿವಾಹ ಮುಕ್ತಿ ರಥ ವಾಹನ

ಹಾಗೂ ವೇದಿಕೆಯ ಮುಂಭಾಗದಲ್ಲಿ ಸೆಲ್ಫಿ ಸ್ಟ್ಯಾಂಡ್ ಇಟ್ಟು ಜಾಗೃತಿ ಮೂಡಿ ಸಲಾಯಿತು.

ಬಾಲ್ಯ ವಿವಾಹ ನಿಷೇಧ ಕುರಿತು ಆಡಿಯೋ ಜಿಂಗಲ್ಸ್ ಮೂಲಕ ಪ್ರಚಾರ ನಡೆಸಲಾಯಿತು. ಜಿಲ್ಲಾ ಮಕ್ಕಳ ರಕ್ಷಣಾಧಿಕಾರಿ ಹಾಗೂ ಮಹಿಳಾ ಮತ್ತು ಮಕ್ಕಳ ಅಭಿವೃದ್ಧಿ ಇಲಾಖೆಯ ಅಧಿಕಾರಿ ಧರಣಮ್ಮ, ಸ್ತ್ರೀ ಶಕ್ತಿ ಒಕ್ಕೂಟದ ಅಧ್ಯಕ್ಷ ಈರಮ್ಮ ಹಾಗೂ ವಿವಿಧ ಇಲಾಖೆಗಳ ಅಧಿಕಾರಿ ಮತ್ತು ಸಿಬ್ಬಂದಿ ಉಪಸ್ಥಿತರಿದ್ದರು.

+	+
